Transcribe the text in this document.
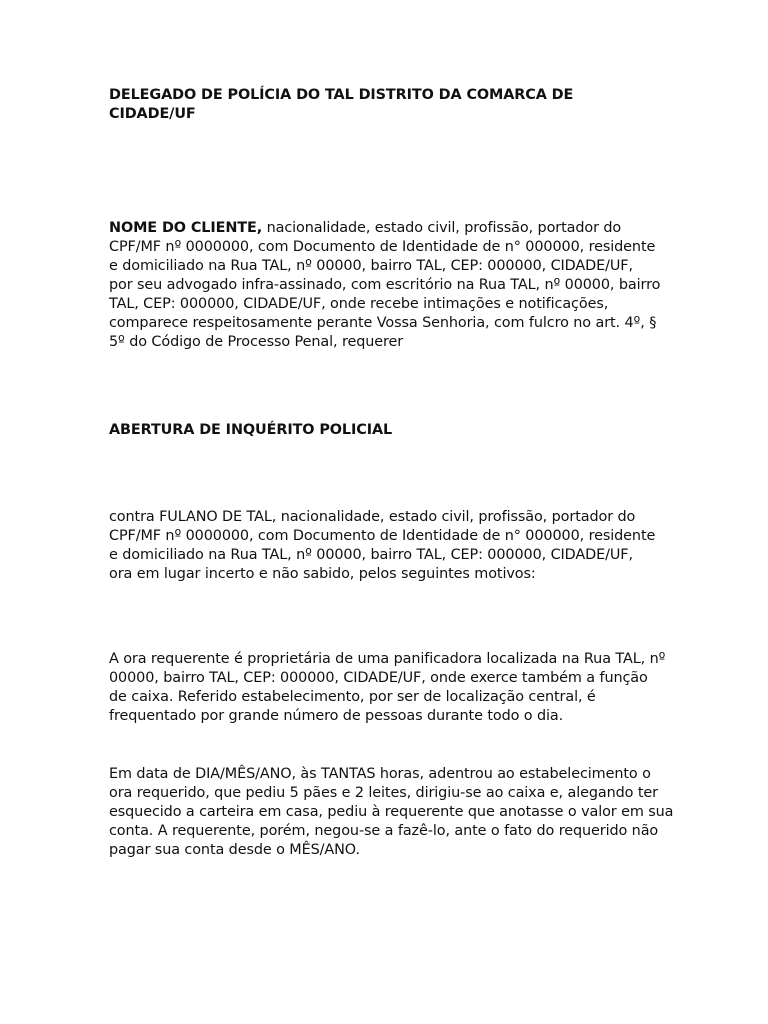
DELEGADO DE POLÍCIA DO TAL DISTRITO DA COMARCA DE
CIDADE/UF
NOME DO CLIENTE, nacionalidade, estado civil, profissão, portador do
CPF/MF nº 0000000, com Documento de Identidade de n° 000000, residente
e domiciliado na Rua TAL, nº 00000, bairro TAL, CEP: 000000, CIDADE/UF,
por seu advogado infra-assinado, com escritório na Rua TAL, nº 00000, bairro
TAL, CEP: 000000, CIDADE/UF, onde recebe intimações e notificações,
comparece respeitosamente perante Vossa Senhoria, com fulcro no art. 4º, §
5º do Código de Processo Penal, requerer
ABERTURA DE INQUÉRITO POLICIAL
contra FULANO DE TAL, nacionalidade, estado civil, profissão, portador do
CPF/MF nº 0000000, com Documento de Identidade de n° 000000, residente
e domiciliado na Rua TAL, nº 00000, bairro TAL, CEP: 000000, CIDADE/UF,
ora em lugar incerto e não sabido, pelos seguintes motivos:
A ora requerente é proprietária de uma panificadora localizada na Rua TAL, nº
00000, bairro TAL, CEP: 000000, CIDADE/UF, onde exerce também a função
de caixa. Referido estabelecimento, por ser de localização central, é
frequentado por grande número de pessoas durante todo o dia.
Em data de DIA/MÊS/ANO, às TANTAS horas, adentrou ao estabelecimento o
ora requerido, que pediu 5 pães e 2 leites, dirigiu-se ao caixa e, alegando ter
esquecido a carteira em casa, pediu à requerente que anotasse o valor em sua
conta. A requerente, porém, negou-se a fazê-lo, ante o fato do requerido não
pagar sua conta desde o MÊS/ANO.
